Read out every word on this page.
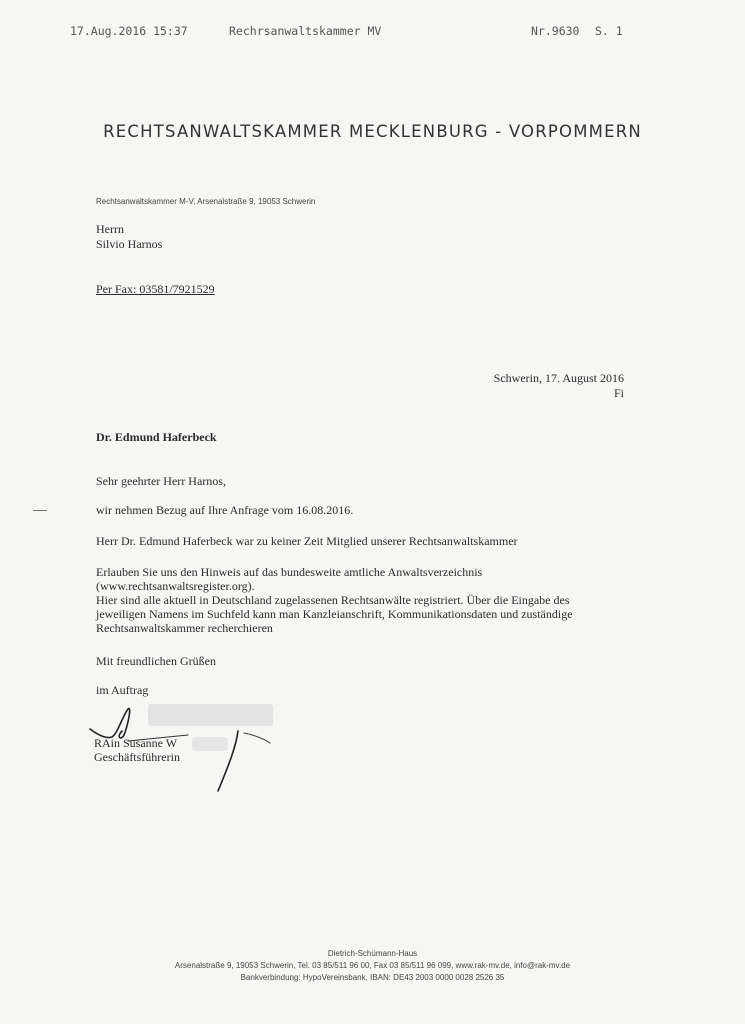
17.Aug.2016 15:37	Rechrsanwaltskammer MV	Nr.9630 S. 1
RECHTSANWALTSKAMMER MECKLENBURG - VORPOMMERN
Rechtsanwaltskammer M-V, Arsenalstraße 9, 19053 Schwerin
Herrn
Silvio Harnos
Per Fax: 03581/7921529
Schwerin, 17. August 2016
Fi
Dr. Edmund Haferbeck
Sehr geehrter Herr Harnos,
wir nehmen Bezug auf Ihre Anfrage vom 16.08.2016.
Herr Dr. Edmund Haferbeck war zu keiner Zeit Mitglied unserer Rechtsanwaltskammer
Erlauben Sie uns den Hinweis auf das bundesweite amtliche Anwaltsverzeichnis
(www.rechtsanwaltsregister.org).
Hier sind alle aktuell in Deutschland zugelassenen Rechtsanwälte registriert. Über die Eingabe des
jeweiligen Namens im Suchfeld kann man Kanzleianschrift, Kommunikationsdaten und zuständige
Rechtsanwaltskammer recherchieren
Mit freundlichen Grüßen
im Auftrag
RAin Susanne W
Geschäftsführerin
Dietrich-Schümann-Haus
Arsenalstraße 9, 19053 Schwerin, Tel. 03 85/511 96 00, Fax 03 85/511 96 099, www.rak-mv.de, info@rak-mv.de
Bankverbindung: HypoVereinsbank, IBAN: DE43 2003 0000 0028 2526 35
